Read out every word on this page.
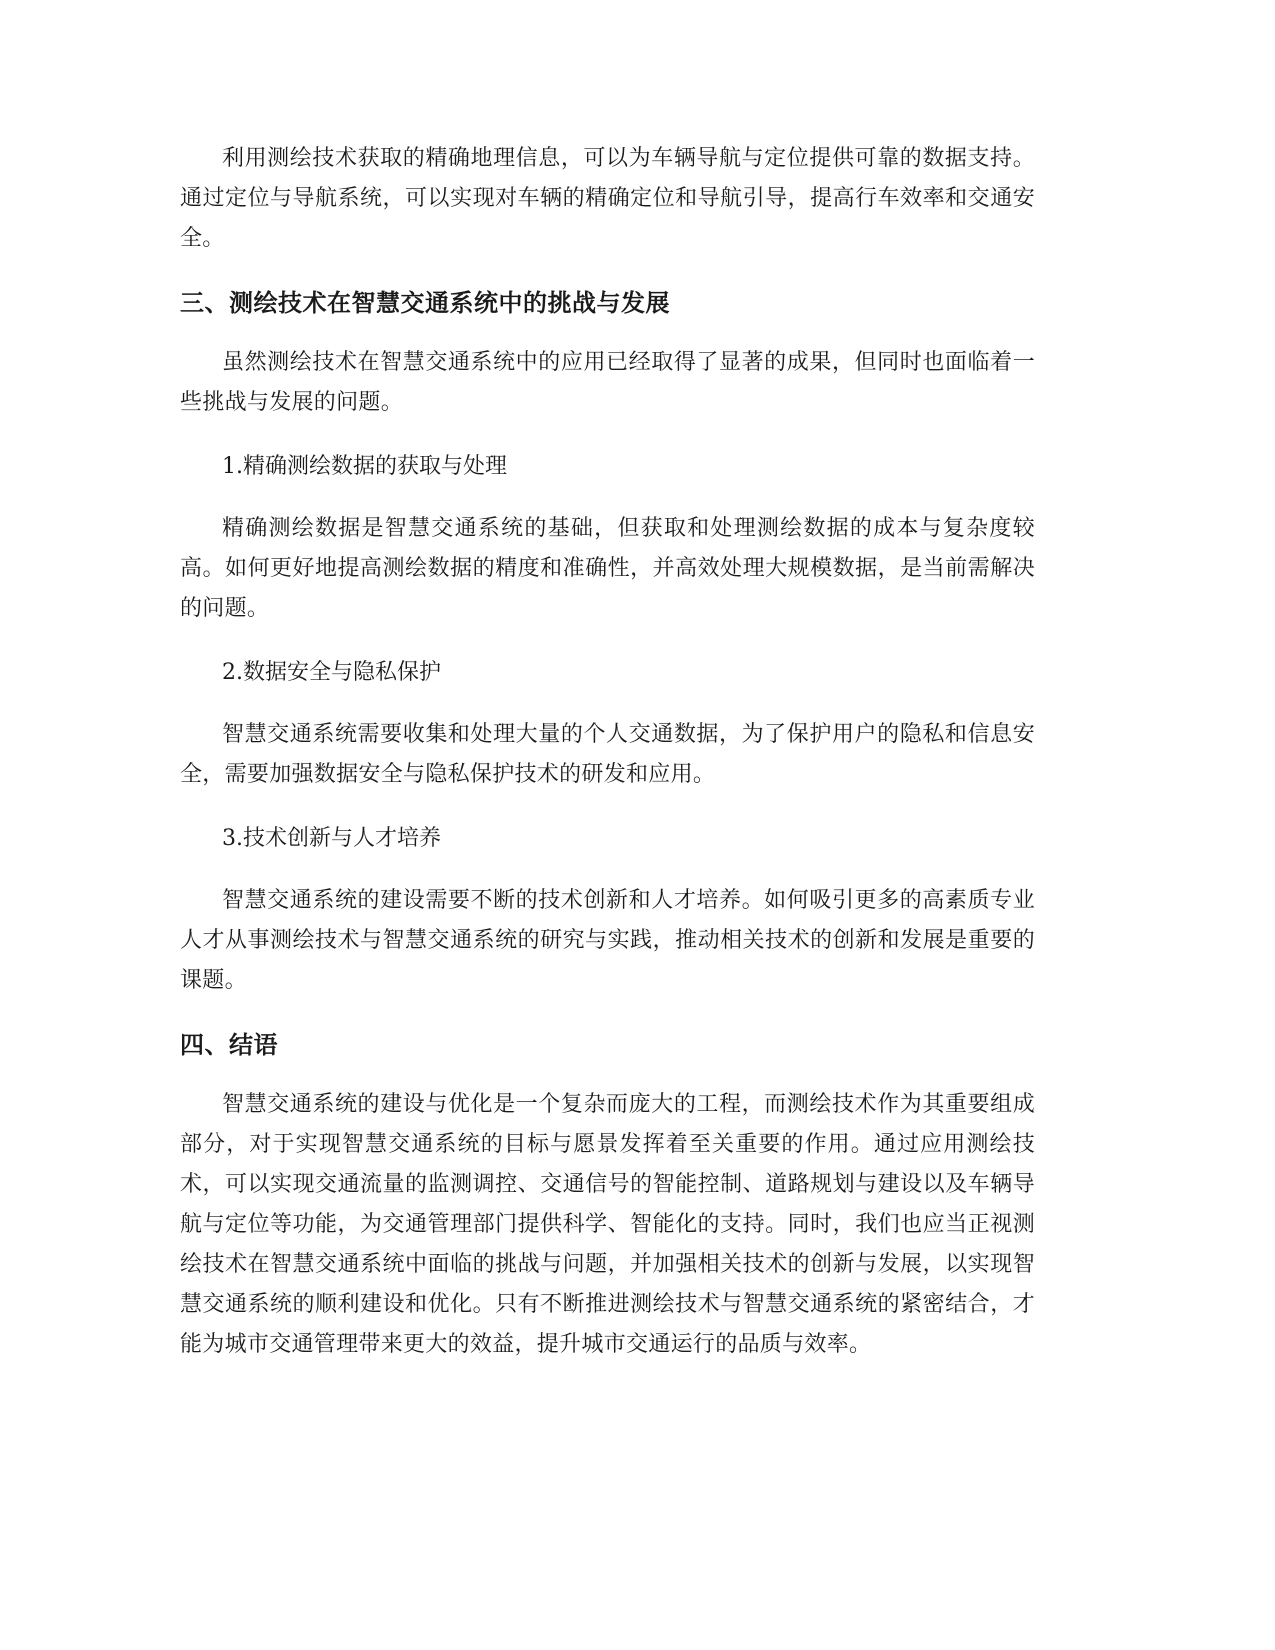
利用测绘技术获取的精确地理信息，可以为车辆导航与定位提供可靠的数据支持。通过定位与导航系统，可以实现对车辆的精确定位和导航引导，提高行车效率和交通安全。

三、测绘技术在智慧交通系统中的挑战与发展

虽然测绘技术在智慧交通系统中的应用已经取得了显著的成果，但同时也面临着一些挑战与发展的问题。

1.精确测绘数据的获取与处理

精确测绘数据是智慧交通系统的基础，但获取和处理测绘数据的成本与复杂度较高。如何更好地提高测绘数据的精度和准确性，并高效处理大规模数据，是当前需解决的问题。

2.数据安全与隐私保护

智慧交通系统需要收集和处理大量的个人交通数据，为了保护用户的隐私和信息安全，需要加强数据安全与隐私保护技术的研发和应用。

3.技术创新与人才培养

智慧交通系统的建设需要不断的技术创新和人才培养。如何吸引更多的高素质专业人才从事测绘技术与智慧交通系统的研究与实践，推动相关技术的创新和发展是重要的课题。

四、结语

智慧交通系统的建设与优化是一个复杂而庞大的工程，而测绘技术作为其重要组成部分，对于实现智慧交通系统的目标与愿景发挥着至关重要的作用。通过应用测绘技术，可以实现交通流量的监测调控、交通信号的智能控制、道路规划与建设以及车辆导航与定位等功能，为交通管理部门提供科学、智能化的支持。同时，我们也应当正视测绘技术在智慧交通系统中面临的挑战与问题，并加强相关技术的创新与发展，以实现智慧交通系统的顺利建设和优化。只有不断推进测绘技术与智慧交通系统的紧密结合，才能为城市交通管理带来更大的效益，提升城市交通运行的品质与效率。
